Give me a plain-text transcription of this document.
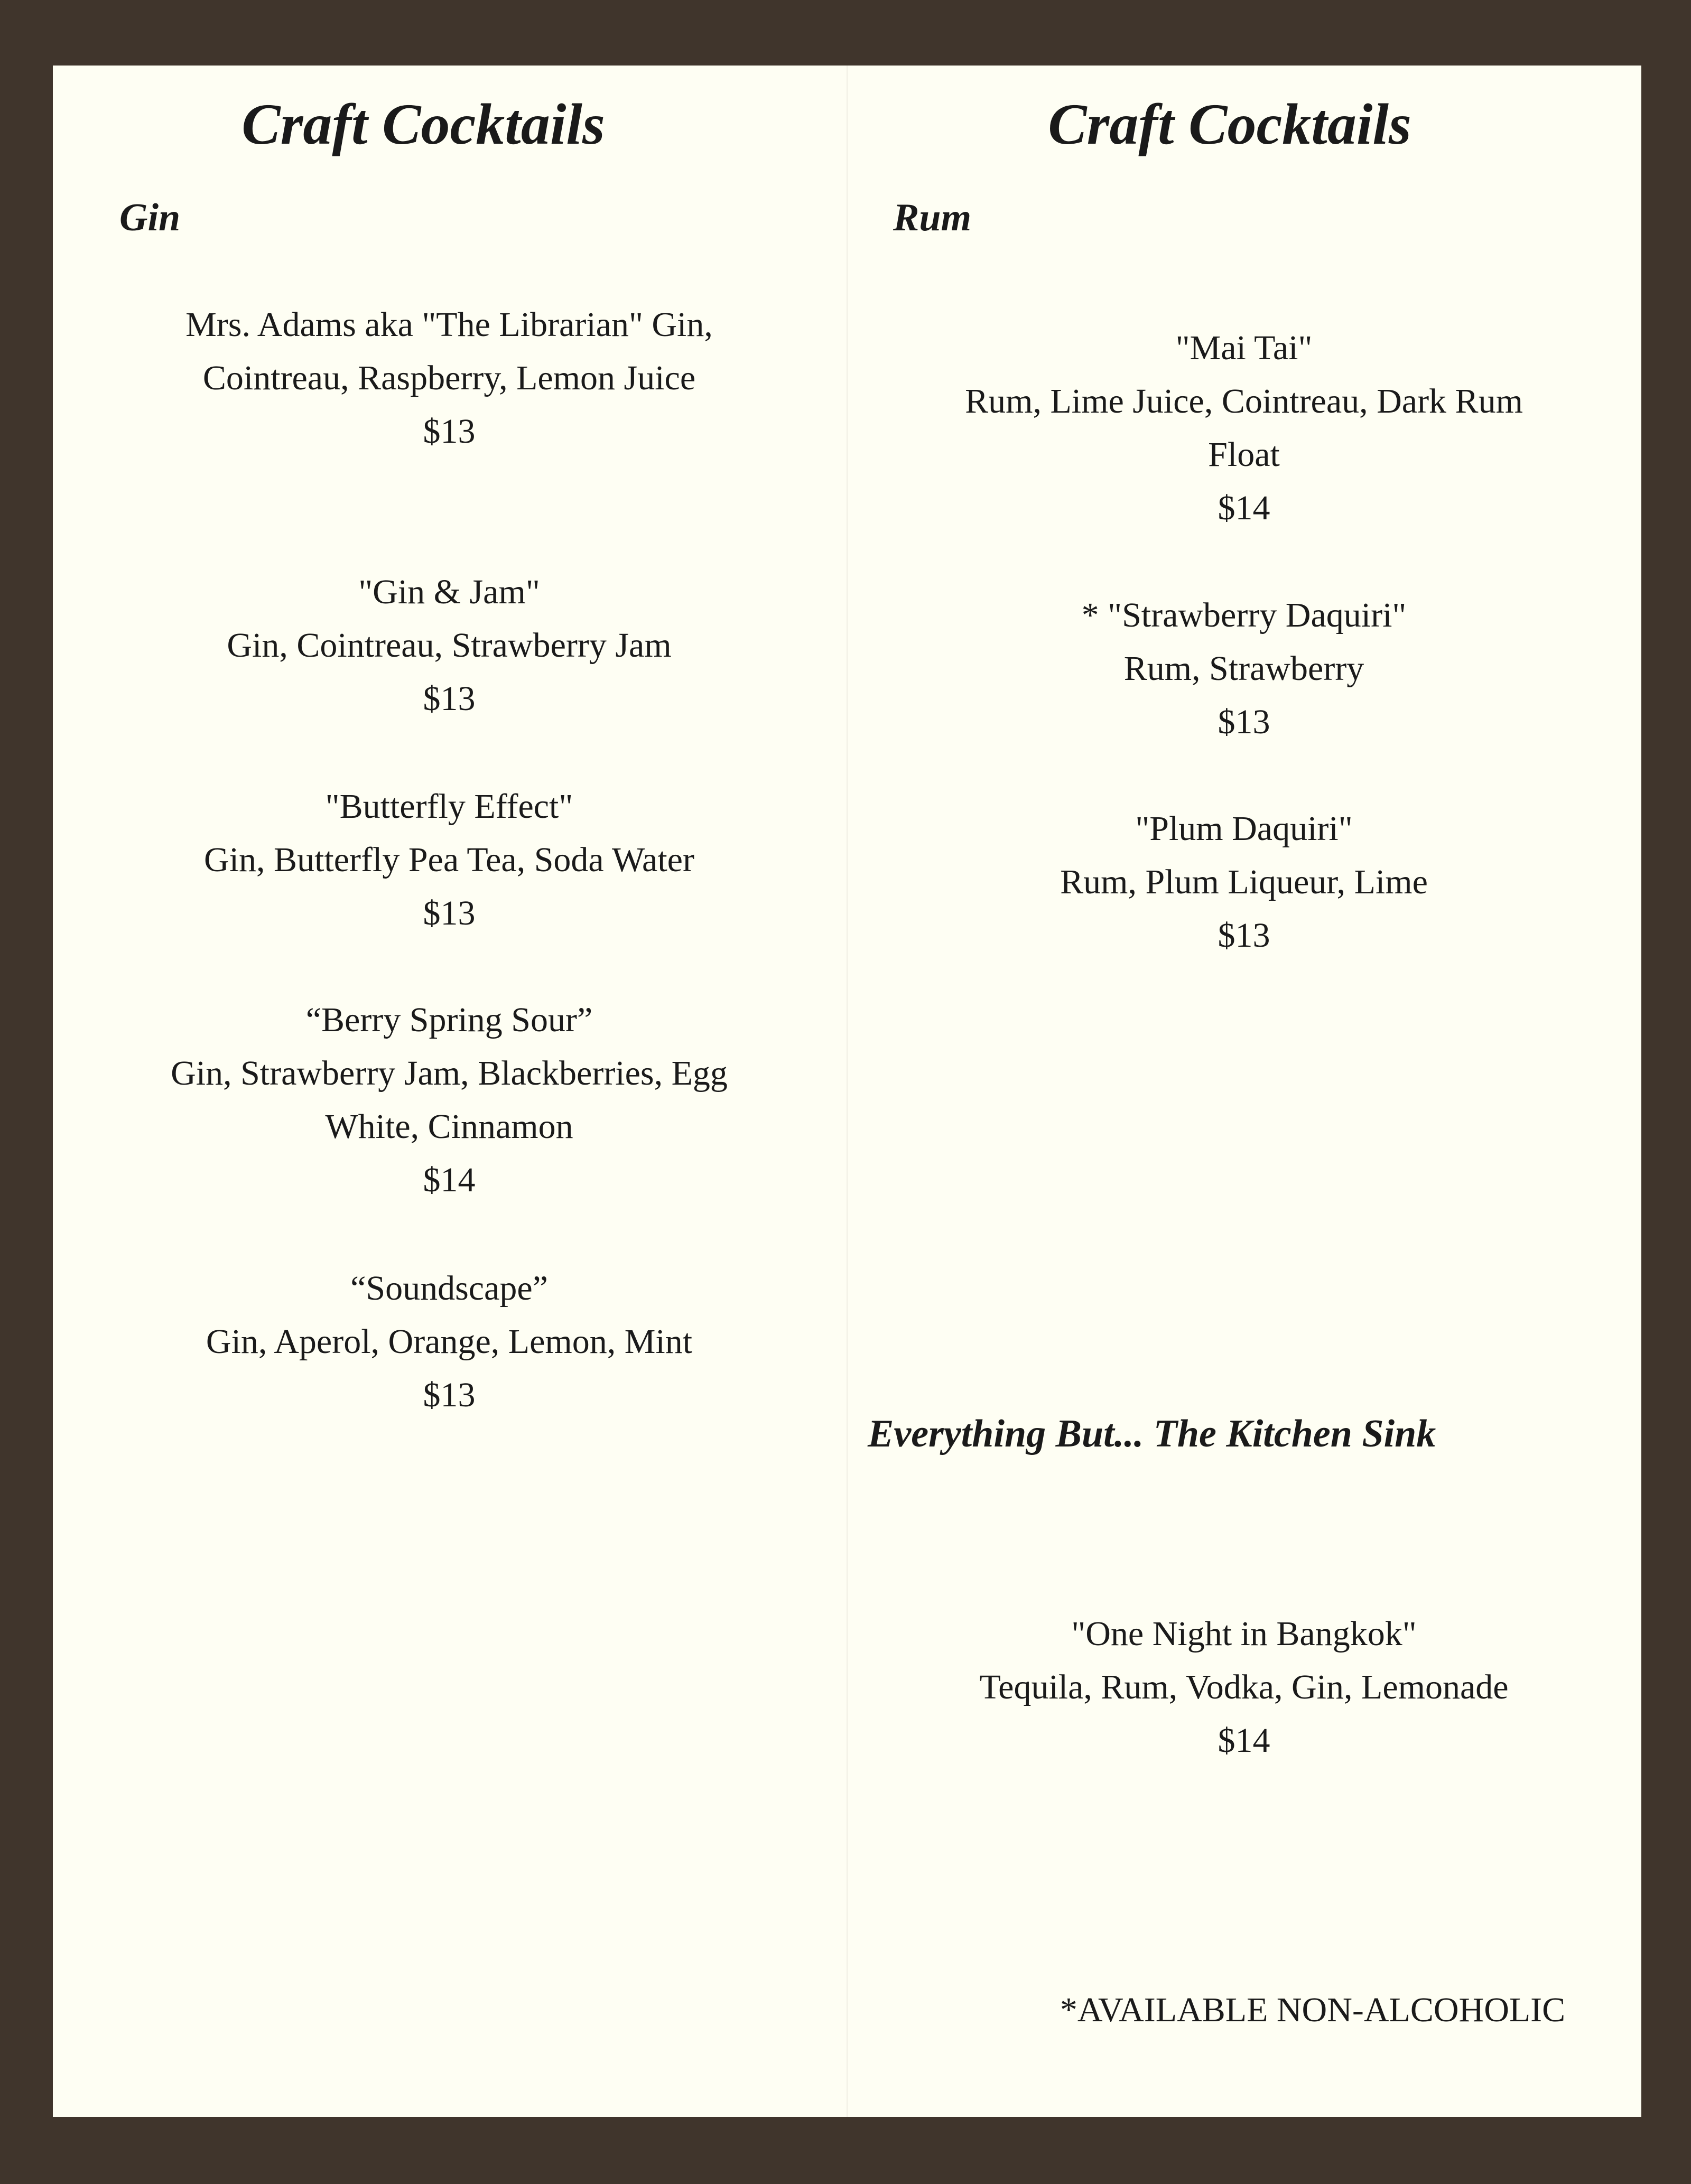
Craft Cocktails
Gin
Mrs. Adams aka "The Librarian" Gin,
Cointreau, Raspberry, Lemon Juice
$13
"Gin & Jam"
Gin, Cointreau, Strawberry Jam
$13
"Butterfly Effect"
Gin, Butterfly Pea Tea, Soda Water
$13
“Berry Spring Sour”
Gin, Strawberry Jam, Blackberries, Egg
White, Cinnamon
$14
“Soundscape”
Gin, Aperol, Orange, Lemon, Mint
$13
Craft Cocktails
Rum
"Mai Tai"
Rum, Lime Juice, Cointreau, Dark Rum
Float
$14
* "Strawberry Daquiri"
Rum, Strawberry
$13
"Plum Daquiri"
Rum, Plum Liqueur, Lime
$13
Everything But... The Kitchen Sink
"One Night in Bangkok"
Tequila, Rum, Vodka, Gin, Lemonade
$14
*AVAILABLE NON-ALCOHOLIC
